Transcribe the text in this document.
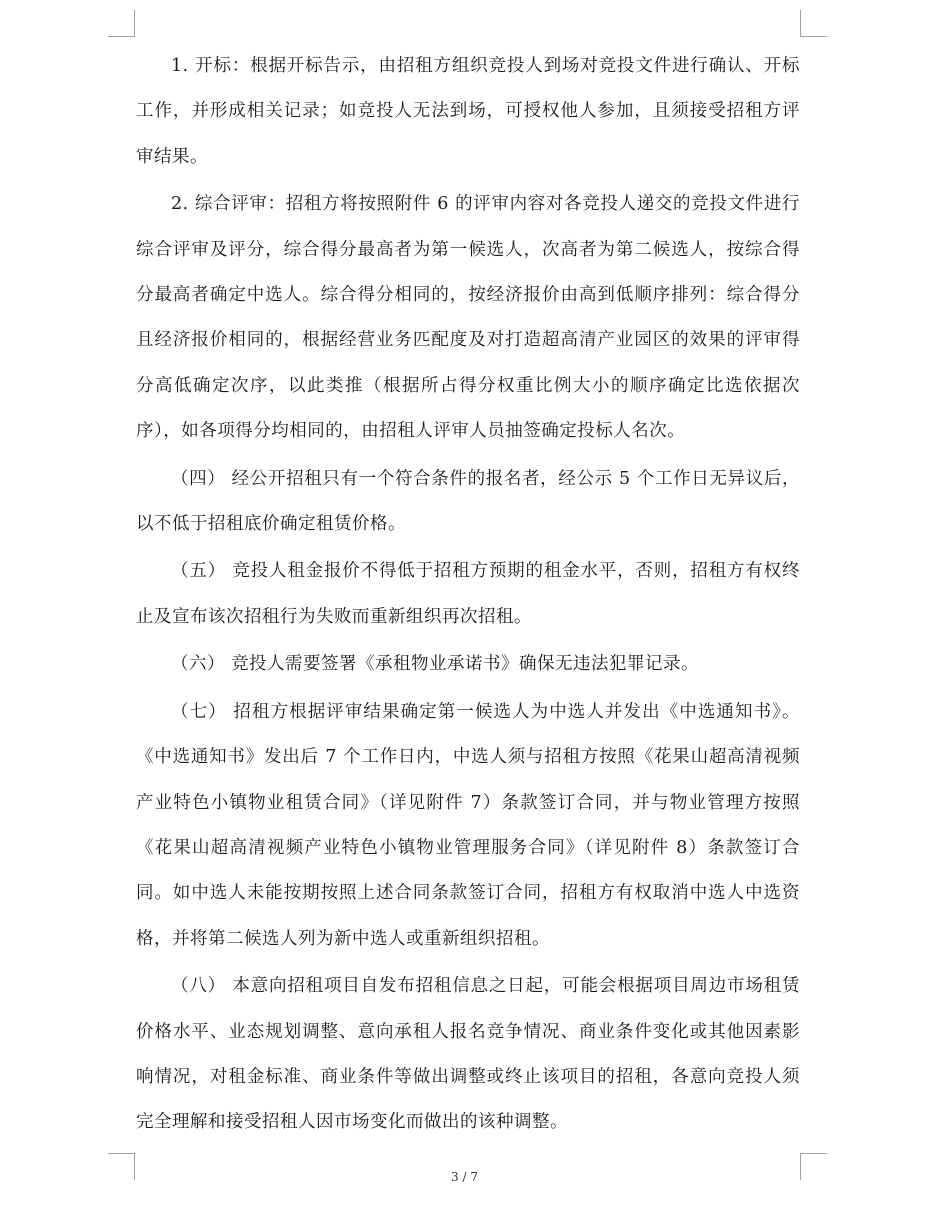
1. 开标：根据开标告示，由招租方组织竞投人到场对竞投文件进行确认、开标工作，并形成相关记录；如竞投人无法到场，可授权他人参加，且须接受招租方评审结果。

2. 综合评审：招租方将按照附件 6 的评审内容对各竞投人递交的竞投文件进行综合评审及评分，综合得分最高者为第一候选人，次高者为第二候选人，按综合得分最高者确定中选人。综合得分相同的，按经济报价由高到低顺序排列：综合得分且经济报价相同的，根据经营业务匹配度及对打造超高清产业园区的效果的评审得分高低确定次序，以此类推（根据所占得分权重比例大小的顺序确定比选依据次序），如各项得分均相同的，由招租人评审人员抽签确定投标人名次。

（四） 经公开招租只有一个符合条件的报名者，经公示 5 个工作日无异议后，以不低于招租底价确定租赁价格。

（五） 竞投人租金报价不得低于招租方预期的租金水平，否则，招租方有权终止及宣布该次招租行为失败而重新组织再次招租。

（六） 竞投人需要签署《承租物业承诺书》确保无违法犯罪记录。

（七） 招租方根据评审结果确定第一候选人为中选人并发出《中选通知书》。《中选通知书》发出后 7 个工作日内，中选人须与招租方按照《花果山超高清视频产业特色小镇物业租赁合同》（详见附件 7）条款签订合同，并与物业管理方按照《花果山超高清视频产业特色小镇物业管理服务合同》（详见附件 8）条款签订合同。如中选人未能按期按照上述合同条款签订合同，招租方有权取消中选人中选资格，并将第二候选人列为新中选人或重新组织招租。

（八） 本意向招租项目自发布招租信息之日起，可能会根据项目周边市场租赁价格水平、业态规划调整、意向承租人报名竞争情况、商业条件变化或其他因素影响情况，对租金标准、商业条件等做出调整或终止该项目的招租，各意向竞投人须完全理解和接受招租人因市场变化而做出的该种调整。

3 / 7
